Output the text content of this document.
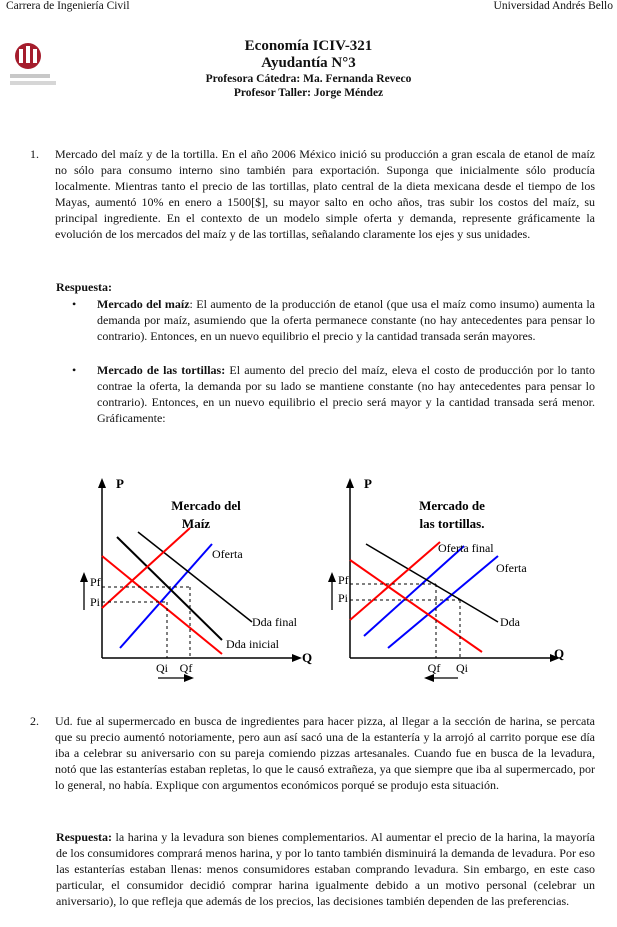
Carrera de Ingeniería Civil	Universidad Andrés Bello
Economía ICIV-321
Ayudantía N°3
Profesora Cátedra: Ma. Fernanda Reveco
Profesor Taller: Jorge Méndez
1. Mercado del maíz y de la tortilla. En el año 2006 México inició su producción a gran escala de etanol de maíz no sólo para consumo interno sino también para exportación. Suponga que inicialmente sólo producía localmente. Mientras tanto el precio de las tortillas, plato central de la dieta mexicana desde el tiempo de los Mayas, aumentó 10% en enero a 1500[$], su mayor salto en ocho años, tras subir los costos del maíz, su principal ingrediente. En el contexto de un modelo simple oferta y demanda, represente gráficamente la evolución de los mercados del maíz y de las tortillas, señalando claramente los ejes y sus unidades.
Respuesta:
• Mercado del maíz: El aumento de la producción de etanol (que usa el maíz como insumo) aumenta la demanda por maíz, asumiendo que la oferta permanece constante (no hay antecedentes para pensar lo contrario). Entonces, en un nuevo equilibrio el precio y la cantidad transada serán mayores.
• Mercado de las tortillas: El aumento del precio del maíz, eleva el costo de producción por lo tanto contrae la oferta, la demanda por su lado se mantiene constante (no hay antecedentes para pensar lo contrario). Entonces, en un nuevo equilibrio el precio será mayor y la cantidad transada será menor. Gráficamente:
P
Q
Mercado del
Maíz
Pf
Pi
Qi Qf
Oferta
Dda final
Dda inicial
P
Q
Mercado de
las tortillas.
Pf
Pi
Qf Qi
Oferta final
Oferta
Dda
2. Ud. fue al supermercado en busca de ingredientes para hacer pizza, al llegar a la sección de harina, se percata que su precio aumentó notoriamente, pero aun así sacó una de la estantería y la arrojó al carrito porque ese día iba a celebrar su aniversario con su pareja comiendo pizzas artesanales. Cuando fue en busca de la levadura, notó que las estanterías estaban repletas, lo que le causó extrañeza, ya que siempre que iba al supermercado, por lo general, no había. Explique con argumentos económicos porqué se produjo esta situación.
Respuesta: la harina y la levadura son bienes complementarios. Al aumentar el precio de la harina, la mayoría de los consumidores comprará menos harina, y por lo tanto también disminuirá la demanda de levadura. Por eso las estanterías estaban llenas: menos consumidores estaban comprando levadura. Sin embargo, en este caso particular, el consumidor decidió comprar harina igualmente debido a un motivo personal (celebrar un aniversario), lo que refleja que además de los precios, las decisiones también dependen de las preferencias.
